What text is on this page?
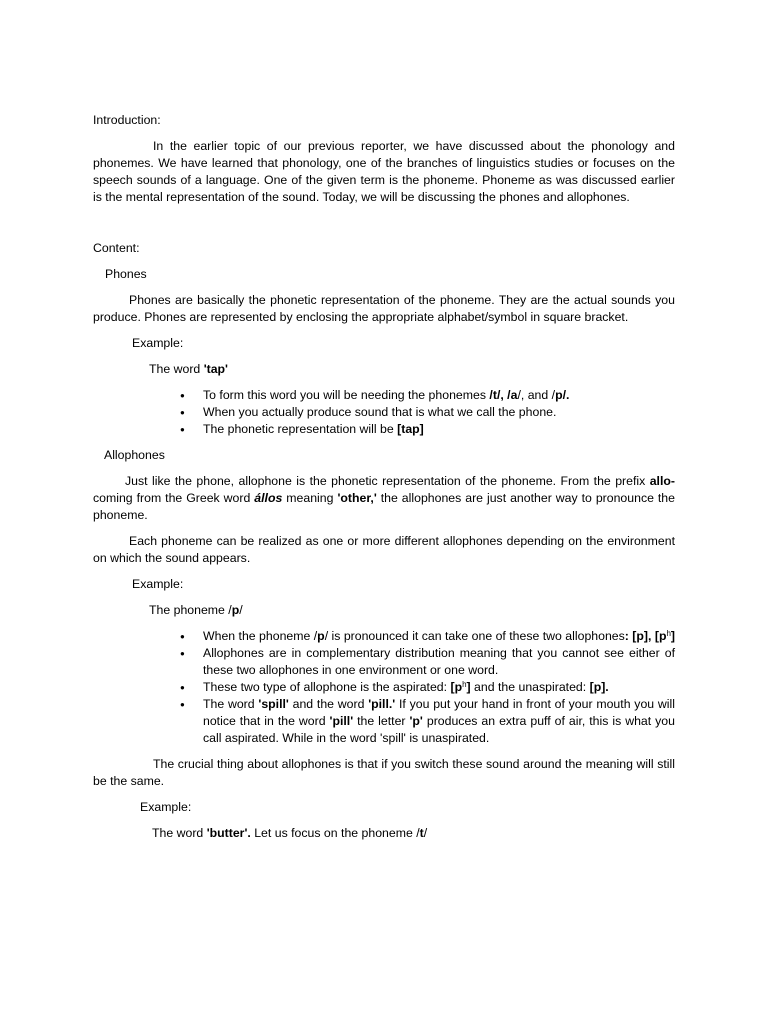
Introduction:

In the earlier topic of our previous reporter, we have discussed about the phonology and phonemes. We have learned that phonology, one of the branches of linguistics studies or focuses on the speech sounds of a language. One of the given term is the phoneme. Phoneme as was discussed earlier is the mental representation of the sound. Today, we will be discussing the phones and allophones.

Content:

Phones

Phones are basically the phonetic representation of the phoneme. They are the actual sounds you produce. Phones are represented by enclosing the appropriate alphabet/symbol in square bracket.

Example:

The word 'tap'

● To form this word you will be needing the phonemes /t/, /a/, and /p/.
● When you actually produce sound that is what we call the phone.
● The phonetic representation will be [tap]

Allophones

Just like the phone, allophone is the phonetic representation of the phoneme. From the prefix allo- coming from the Greek word állos meaning 'other,' the allophones are just another way to pronounce the phoneme.

Each phoneme can be realized as one or more different allophones depending on the environment on which the sound appears.

Example:

The phoneme /p/

● When the phoneme /p/ is pronounced it can take one of these two allophones: [p], $[p^h]$
● Allophones are in complementary distribution meaning that you cannot see either of these two allophones in one environment or one word.
● These two type of allophone is the aspirated: $[p^h]$ and the unaspirated: [p].
● The word 'spill' and the word 'pill.' If you put your hand in front of your mouth you will notice that in the word 'pill' the letter 'p' produces an extra puff of air, this is what you call aspirated. While in the word 'spill' is unaspirated.

The crucial thing about allophones is that if you switch these sound around the meaning will still be the same.

Example:

The word 'butter'. Let us focus on the phoneme /t/
